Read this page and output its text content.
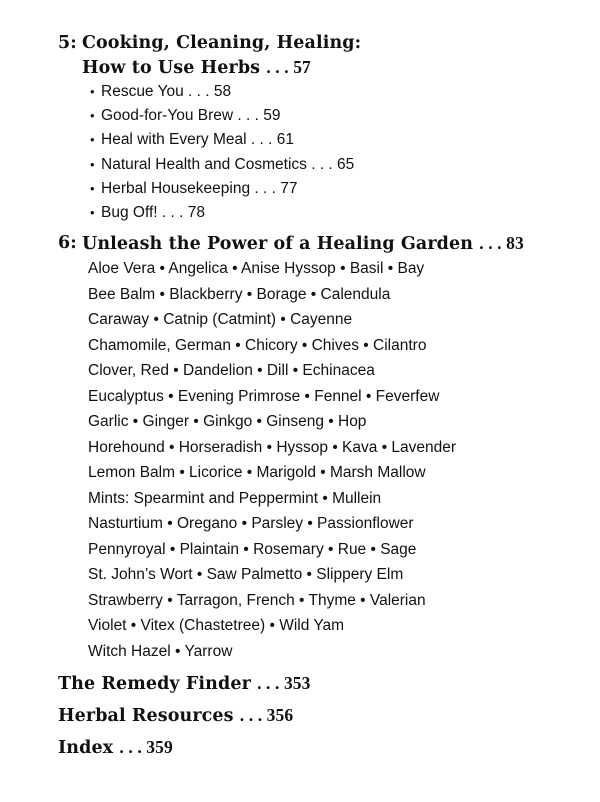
5: Cooking, Cleaning, Healing:
How to Use Herbs . . . 57
• Rescue You . . . 58
• Good-for-You Brew . . . 59
• Heal with Every Meal . . . 61
• Natural Health and Cosmetics . . . 65
• Herbal Housekeeping . . . 77
• Bug Off! . . . 78
6: Unleash the Power of a Healing Garden . . . 83
Aloe Vera • Angelica • Anise Hyssop • Basil • Bay
Bee Balm • Blackberry • Borage • Calendula
Caraway • Catnip (Catmint) • Cayenne
Chamomile, German • Chicory • Chives • Cilantro
Clover, Red • Dandelion • Dill • Echinacea
Eucalyptus • Evening Primrose • Fennel • Feverfew
Garlic • Ginger • Ginkgo • Ginseng • Hop
Horehound • Horseradish • Hyssop • Kava • Lavender
Lemon Balm • Licorice • Marigold • Marsh Mallow
Mints: Spearmint and Peppermint • Mullein
Nasturtium • Oregano • Parsley • Passionflower
Pennyroyal • Plaintain • Rosemary • Rue • Sage
St. John’s Wort • Saw Palmetto • Slippery Elm
Strawberry • Tarragon, French • Thyme • Valerian
Violet • Vitex (Chastetree) • Wild Yam
Witch Hazel • Yarrow
The Remedy Finder . . . 353
Herbal Resources . . . 356
Index . . . 359
